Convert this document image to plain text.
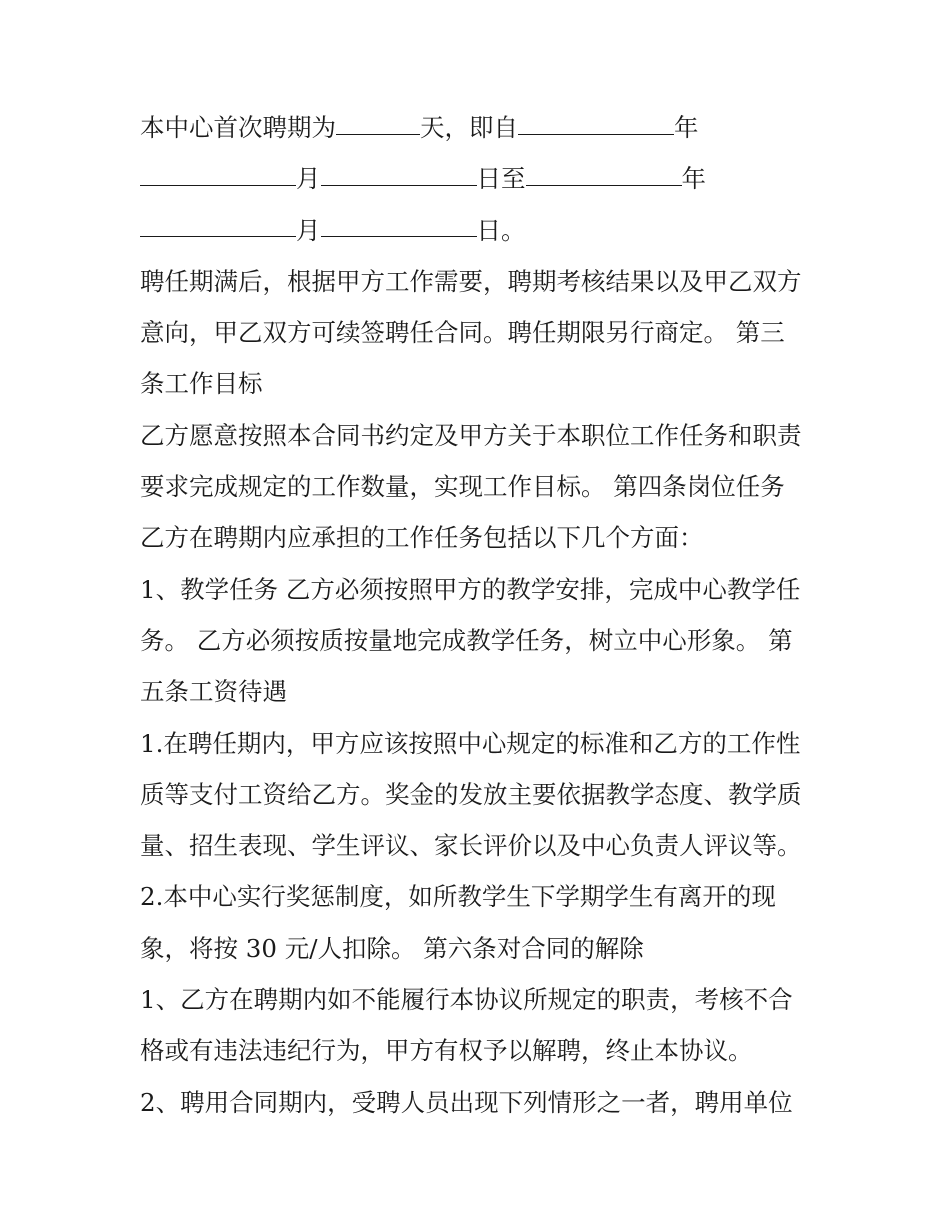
本中心首次聘期为	天，即自	年
月	日至	年
月	日。
聘任期满后，根据甲方工作需要，聘期考核结果以及甲乙双方
意向，甲乙双方可续签聘任合同。聘任期限另行商定。 第三
条工作目标
乙方愿意按照本合同书约定及甲方关于本职位工作任务和职责
要求完成规定的工作数量，实现工作目标。 第四条岗位任务
乙方在聘期内应承担的工作任务包括以下几个方面：
1、教学任务 乙方必须按照甲方的教学安排，完成中心教学任
务。 乙方必须按质按量地完成教学任务，树立中心形象。 第
五条工资待遇
1.在聘任期内，甲方应该按照中心规定的标准和乙方的工作性
质等支付工资给乙方。奖金的发放主要依据教学态度、教学质
量、招生表现、学生评议、家长评价以及中心负责人评议等。
2.本中心实行奖惩制度，如所教学生下学期学生有离开的现
象，将按 30 元/人扣除。 第六条对合同的解除
1、乙方在聘期内如不能履行本协议所规定的职责，考核不合
格或有违法违纪行为，甲方有权予以解聘，终止本协议。
2、聘用合同期内，受聘人员出现下列情形之一者，聘用单位
